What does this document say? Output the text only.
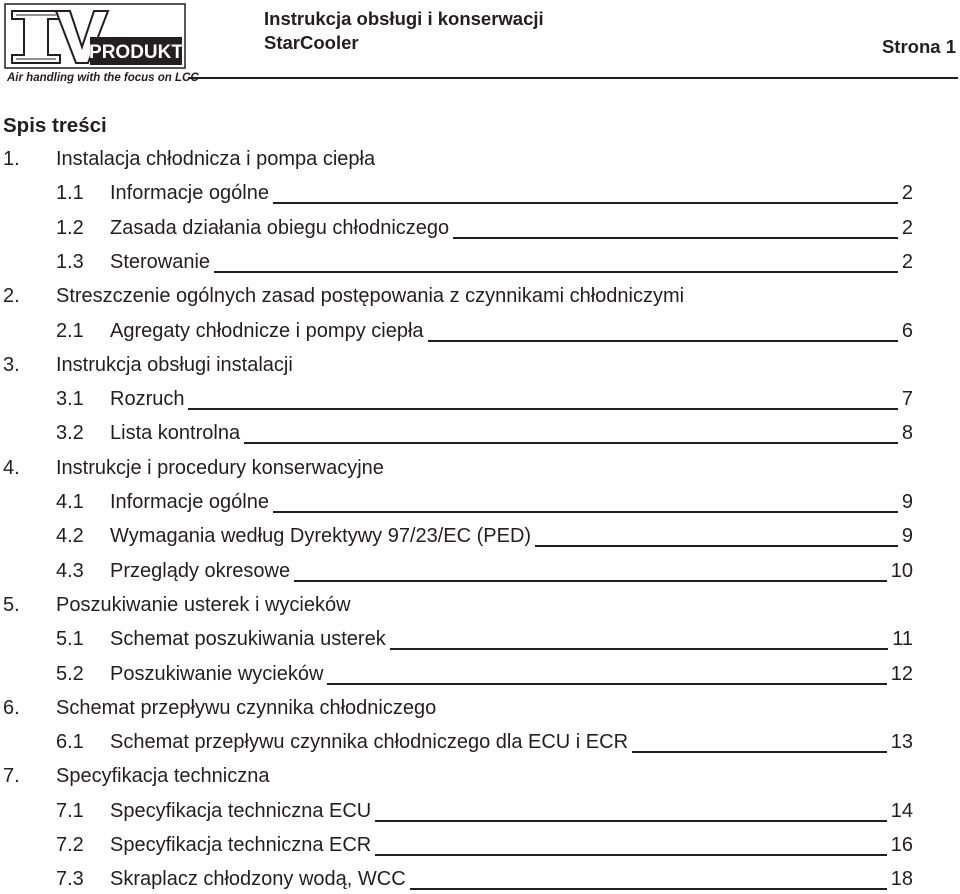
PRODUKT
Air handling with the focus on LCC
Instrukcja obsługi i konserwacji
StarCooler	Strona 1
Spis treści
1. Instalacja chłodnicza i pompa ciepła
1.1 Informacje ogólne	2
1.2 Zasada działania obiegu chłodniczego	2
1.3 Sterowanie	2
2. Streszczenie ogólnych zasad postępowania z czynnikami chłodniczymi
2.1 Agregaty chłodnicze i pompy ciepła	6
3. Instrukcja obsługi instalacji
3.1 Rozruch	7
3.2 Lista kontrolna	8
4. Instrukcje i procedury konserwacyjne
4.1 Informacje ogólne	9
4.2 Wymagania według Dyrektywy 97/23/EC (PED)	9
4.3 Przeglądy okresowe	10
5. Poszukiwanie usterek i wycieków
5.1 Schemat poszukiwania usterek	11
5.2 Poszukiwanie wycieków	12
6. Schemat przepływu czynnika chłodniczego
6.1 Schemat przepływu czynnika chłodniczego dla ECU i ECR	13
7. Specyfikacja techniczna
7.1 Specyfikacja techniczna ECU	14
7.2 Specyfikacja techniczna ECR	16
7.3 Skraplacz chłodzony wodą, WCC	18
